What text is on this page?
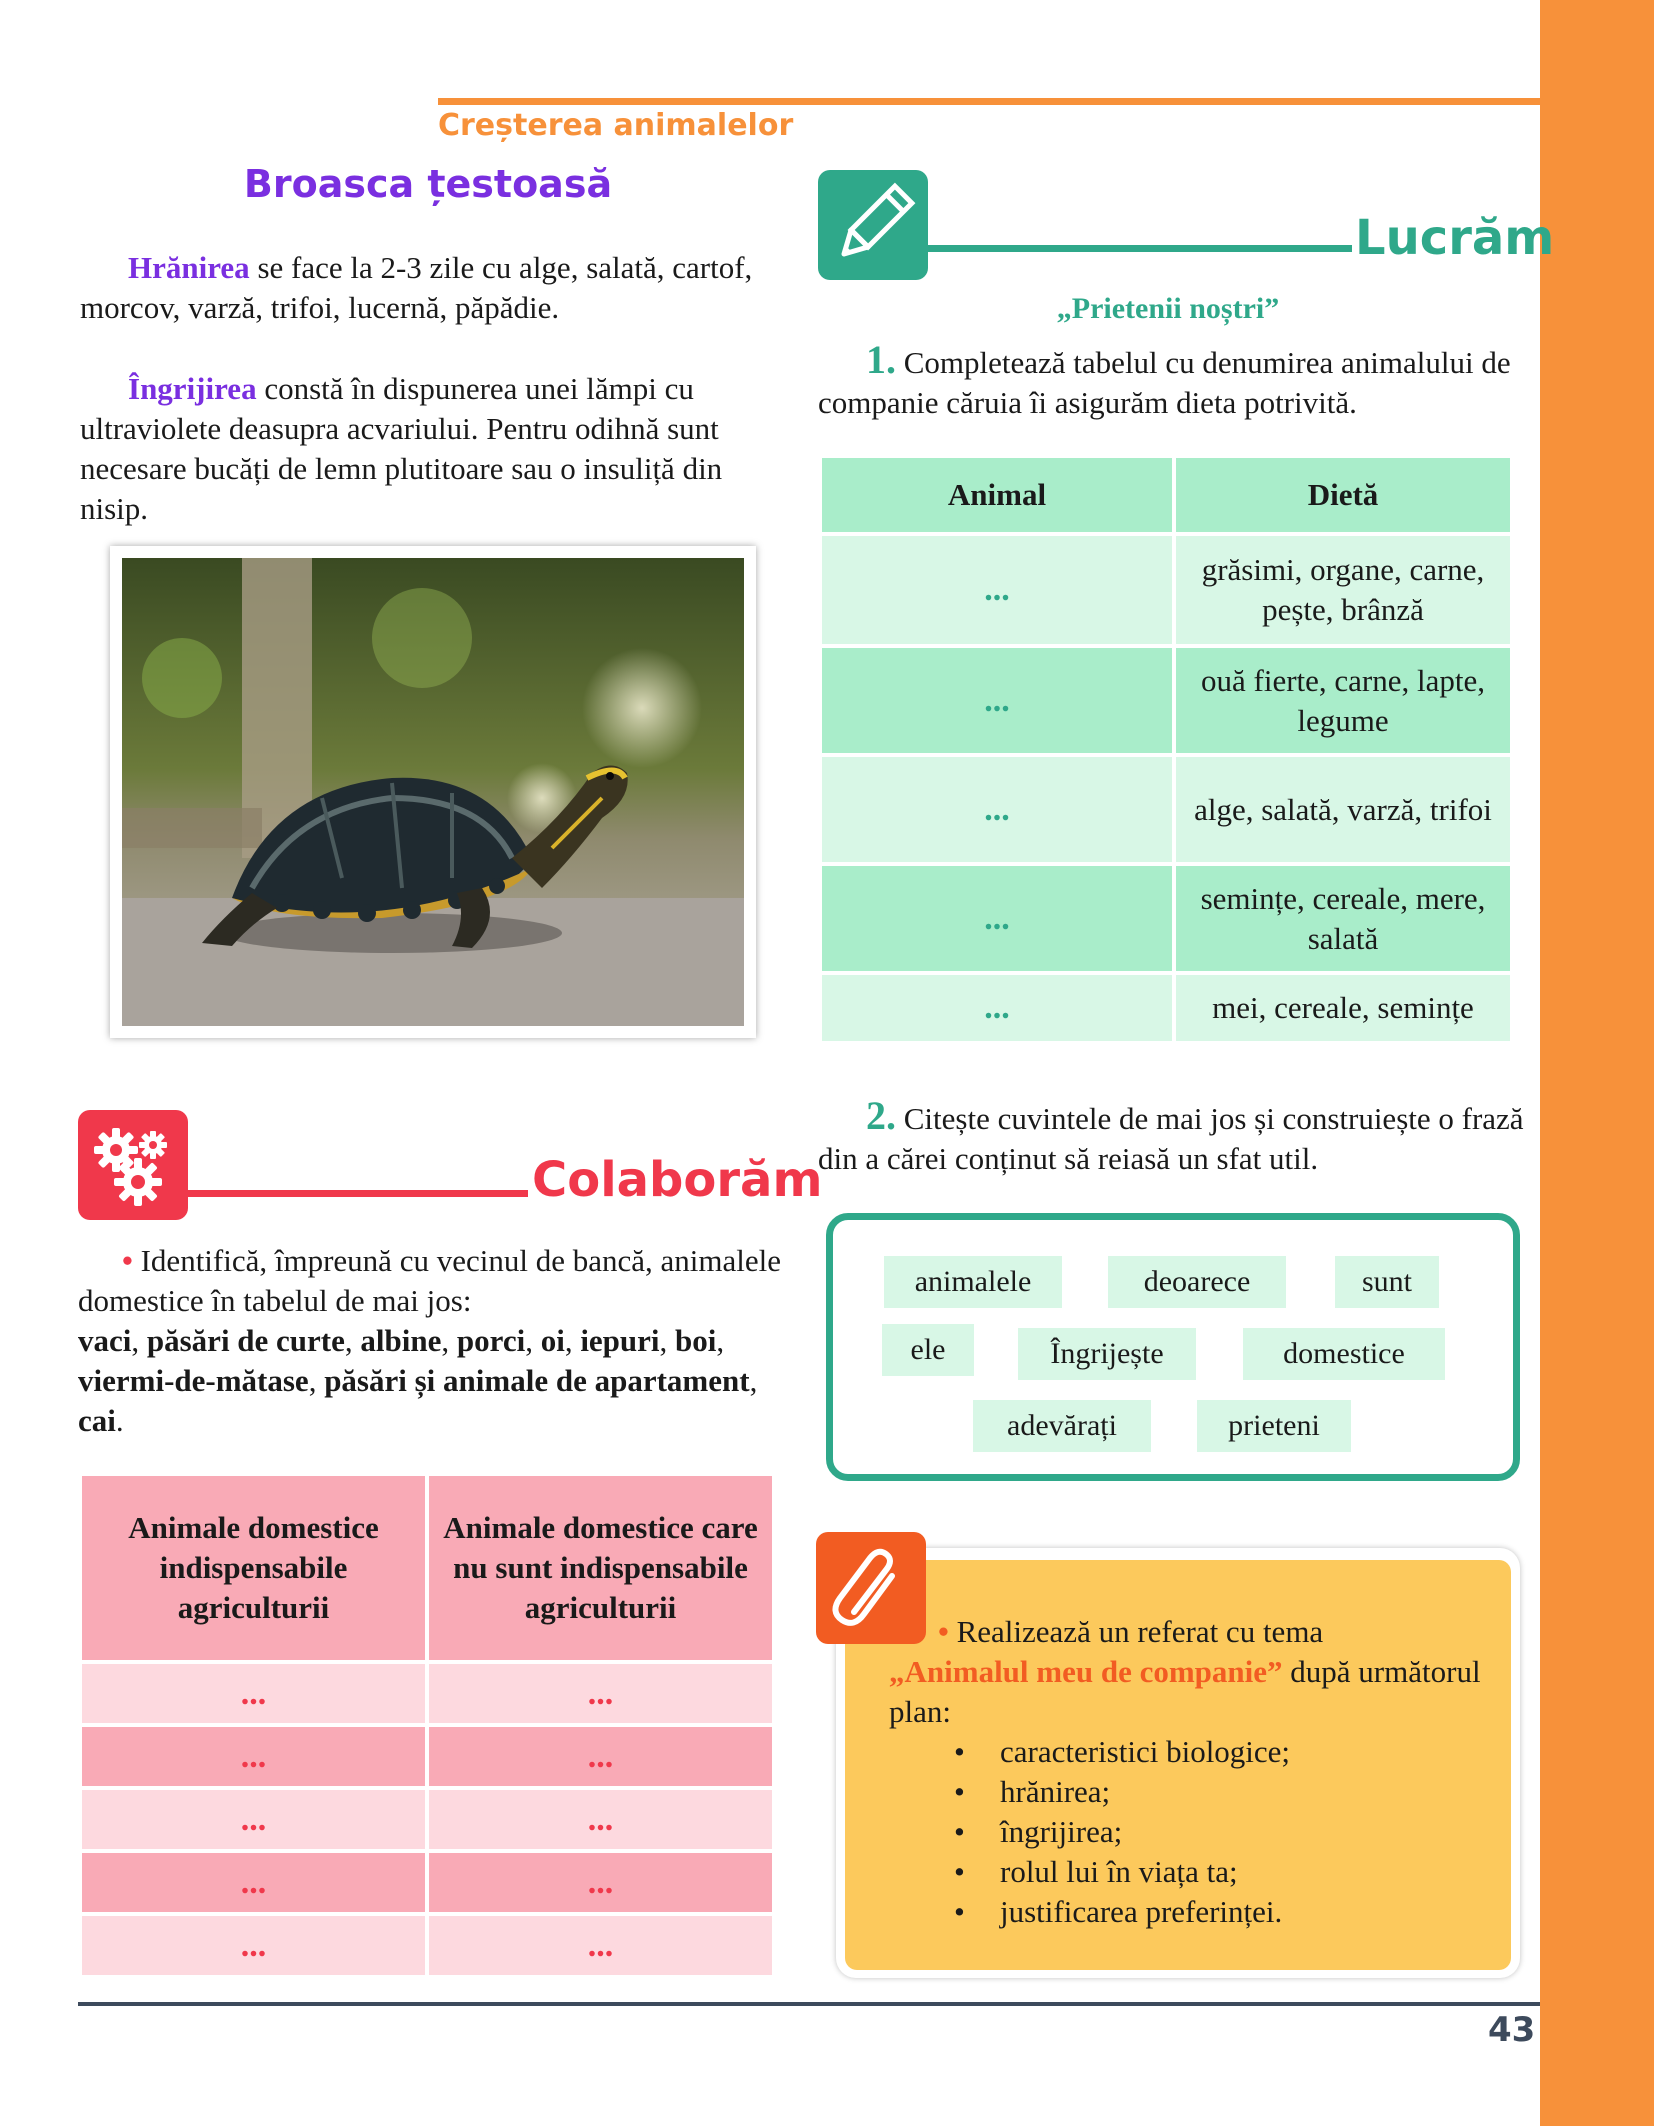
Creșterea animalelor
Broasca țestoasă
Hrănirea se face la 2-3 zile cu alge, salată, cartof, morcov, varză, trifoi, lucernă, păpădie.
Îngrijirea constă în dispunerea unei lămpi cu ultraviolete deasupra acvariului. Pentru odihnă sunt necesare bucăți de lemn plutitoare sau o insuliță din nisip.
Lucrăm
„Prietenii noștri”
1. Completează tabelul cu denumirea animalului de companie căruia îi asigurăm dieta potrivită.
Animal	Dietă
...	grăsimi, organe, carne, pește, brânză
...	ouă fierte, carne, lapte, legume
...	alge, salată, varză, trifoi
...	semințe, cereale, mere, salată
...	mei, cereale, semințe
2. Citește cuvintele de mai jos și construiește o frază din a cărei conținut să reiasă un sfat util.
animalele	deoarece	sunt
ele	Îngrijește	domestice
adevărați	prieteni
Colaborăm
• Identifică, împreună cu vecinul de bancă, animalele domestice în tabelul de mai jos:
vaci, păsări de curte, albine, porci, oi, iepuri, boi, viermi-de-mătase, păsări și animale de apartament, cai.
Animale domestice indispensabile agriculturii	Animale domestice care nu sunt indispensabile agriculturii
...	...
...	...
...	...
...	...
...	...
• Realizează un referat cu tema
„Animalul meu de companie” după următorul plan:
• caracteristici biologice;
• hrănirea;
• îngrijirea;
• rolul lui în viața ta;
• justificarea preferinței.
43
